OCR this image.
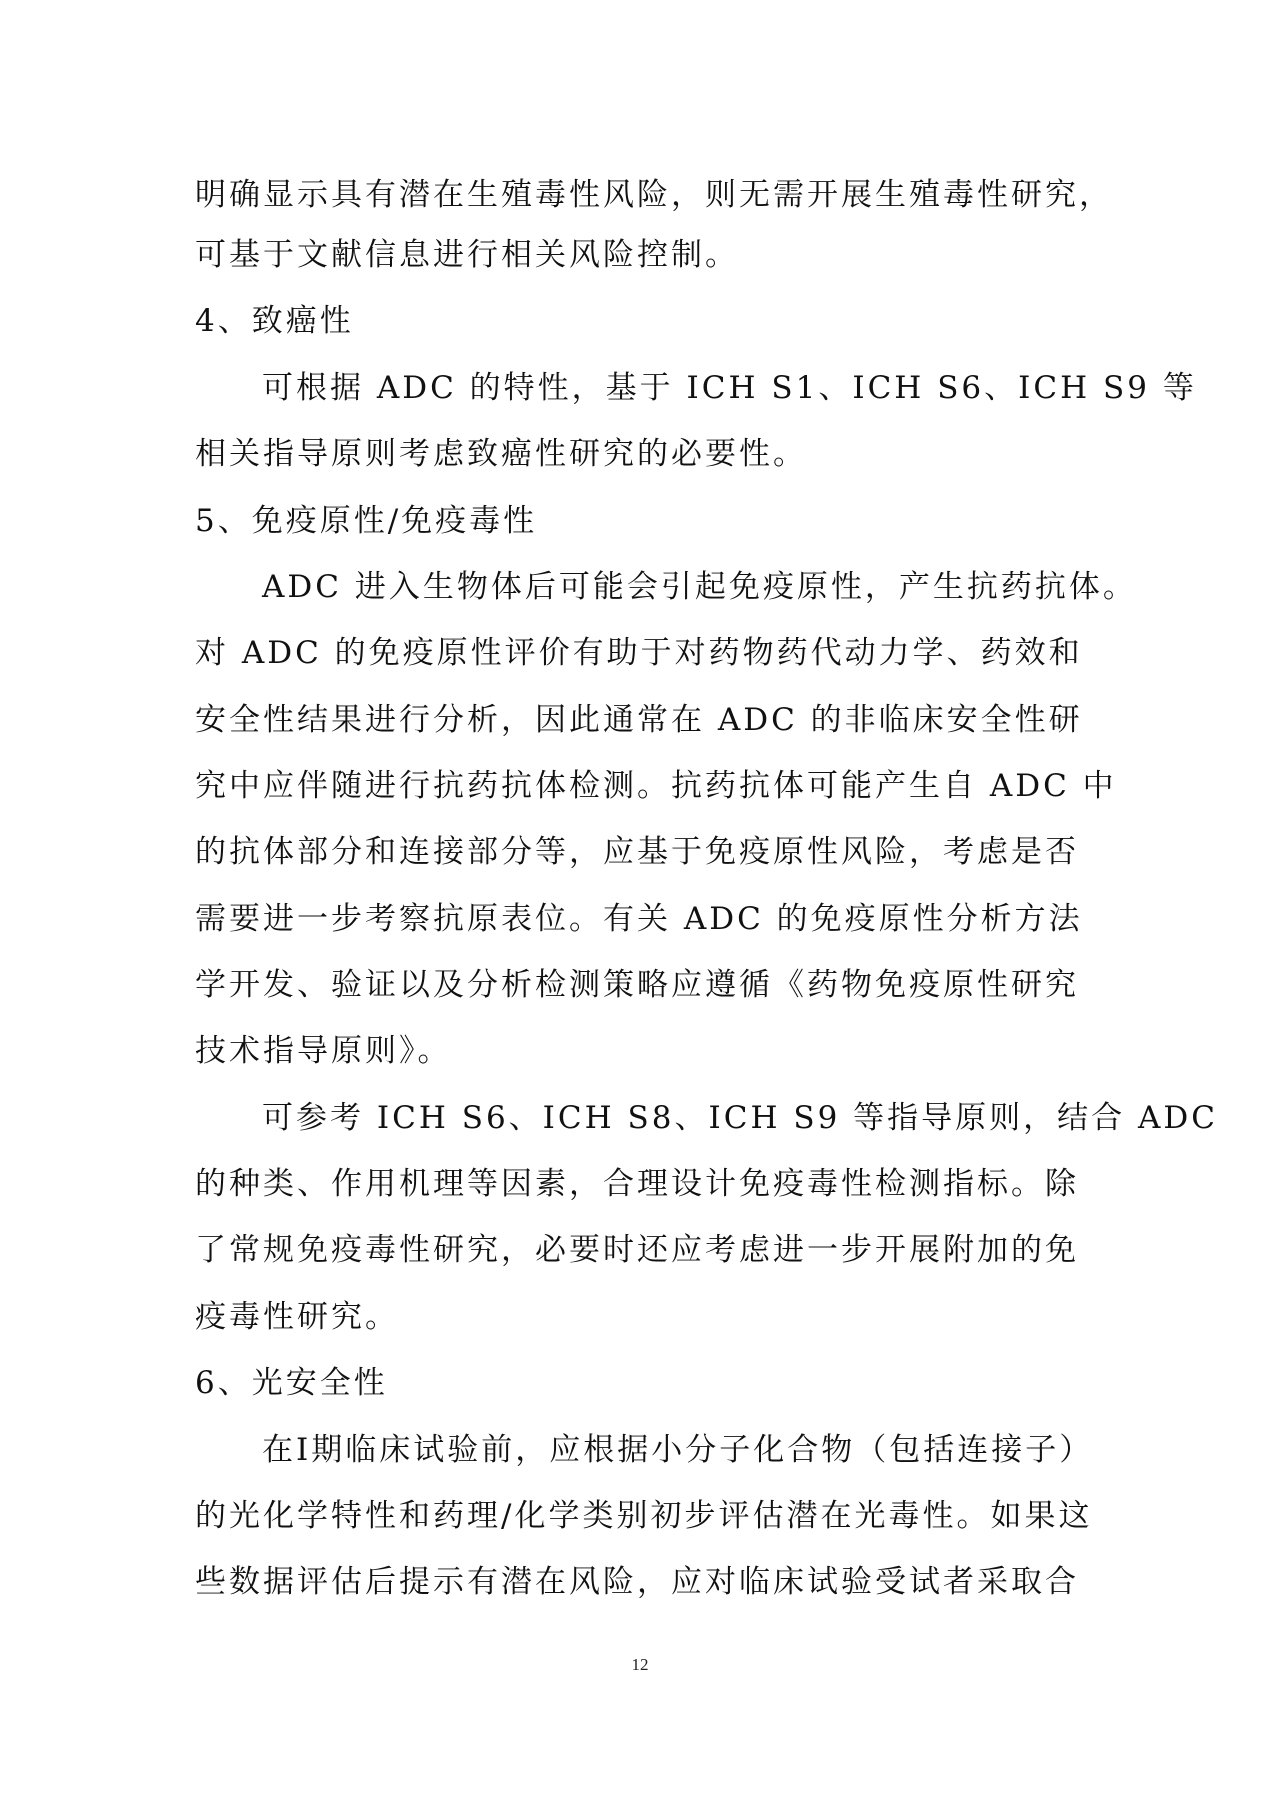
明确显示具有潜在生殖毒性风险，则无需开展生殖毒性研究，
可基于文献信息进行相关风险控制。
4、致癌性
可根据 ADC 的特性，基于 ICH S1、ICH S6、ICH S9 等
相关指导原则考虑致癌性研究的必要性。
5、免疫原性/免疫毒性
ADC 进入生物体后可能会引起免疫原性，产生抗药抗体。
对 ADC 的免疫原性评价有助于对药物药代动力学、药效和
安全性结果进行分析，因此通常在 ADC 的非临床安全性研
究中应伴随进行抗药抗体检测。抗药抗体可能产生自 ADC 中
的抗体部分和连接部分等，应基于免疫原性风险，考虑是否
需要进一步考察抗原表位。有关 ADC 的免疫原性分析方法
学开发、验证以及分析检测策略应遵循《药物免疫原性研究
技术指导原则》。
可参考 ICH S6、ICH S8、ICH S9 等指导原则，结合 ADC
的种类、作用机理等因素，合理设计免疫毒性检测指标。除
了常规免疫毒性研究，必要时还应考虑进一步开展附加的免
疫毒性研究。
6、光安全性
在Ⅰ期临床试验前，应根据小分子化合物（包括连接子）
的光化学特性和药理/化学类别初步评估潜在光毒性。如果这
些数据评估后提示有潜在风险，应对临床试验受试者采取合
12
